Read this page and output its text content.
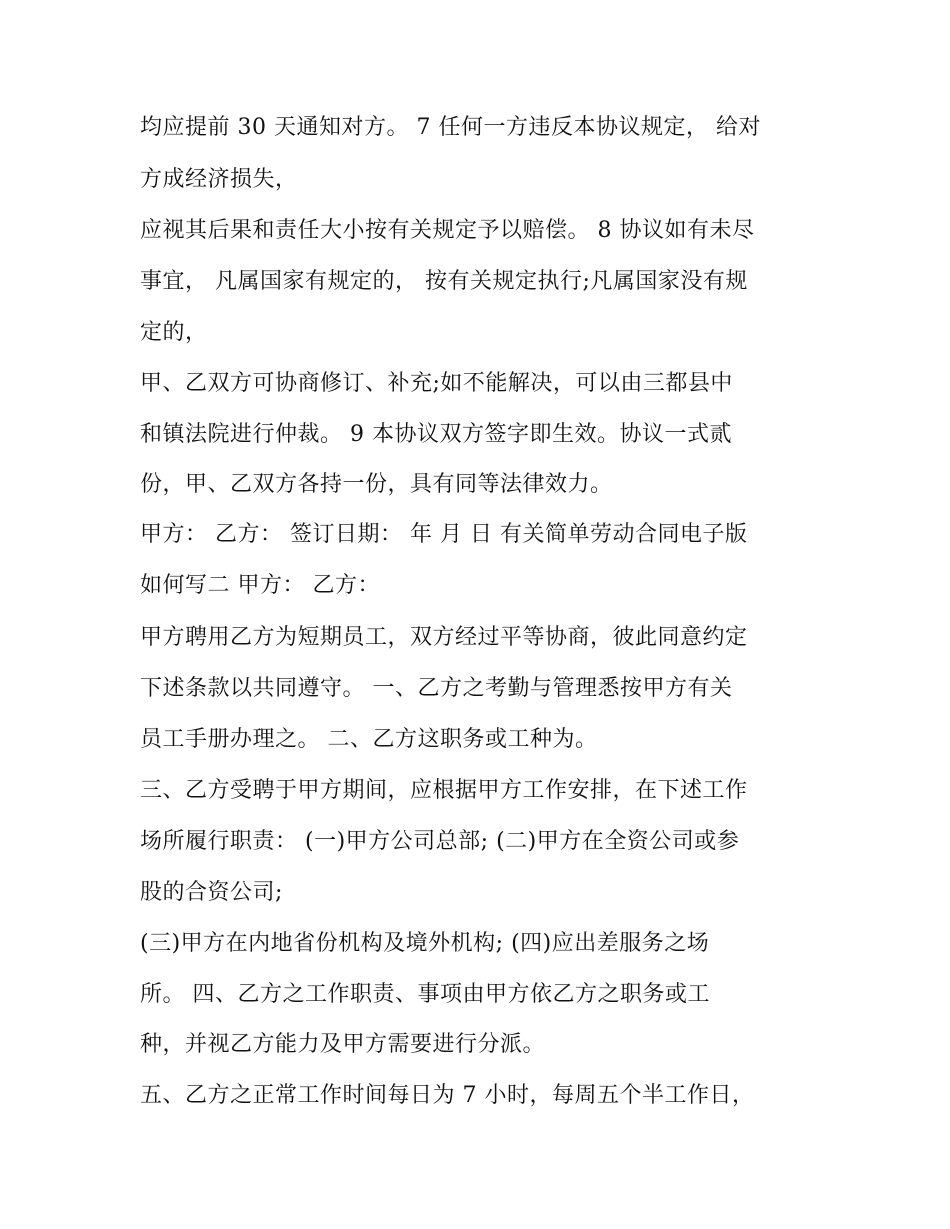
均应提前 30 天通知对方。 7 任何一方违反本协议规定， 给对
方成经济损失，
应视其后果和责任大小按有关规定予以赔偿。 8 协议如有未尽
事宜， 凡属国家有规定的， 按有关规定执行;凡属国家没有规
定的，
甲、乙双方可协商修订、补充;如不能解决，可以由三都县中
和镇法院进行仲裁。 9 本协议双方签字即生效。协议一式贰
份，甲、乙双方各持一份，具有同等法律效力。
甲方： 乙方： 签订日期： 年 月 日 有关简单劳动合同电子版
如何写二 甲方： 乙方：
甲方聘用乙方为短期员工，双方经过平等协商，彼此同意约定
下述条款以共同遵守。 一、乙方之考勤与管理悉按甲方有关
员工手册办理之。 二、乙方这职务或工种为。
三、乙方受聘于甲方期间，应根据甲方工作安排，在下述工作
场所履行职责： (一)甲方公司总部; (二)甲方在全资公司或参
股的合资公司;
(三)甲方在内地省份机构及境外机构; (四)应出差服务之场
所。 四、乙方之工作职责、事项由甲方依乙方之职务或工
种，并视乙方能力及甲方需要进行分派。
五、乙方之正常工作时间每日为 7 小时，每周五个半工作日，
